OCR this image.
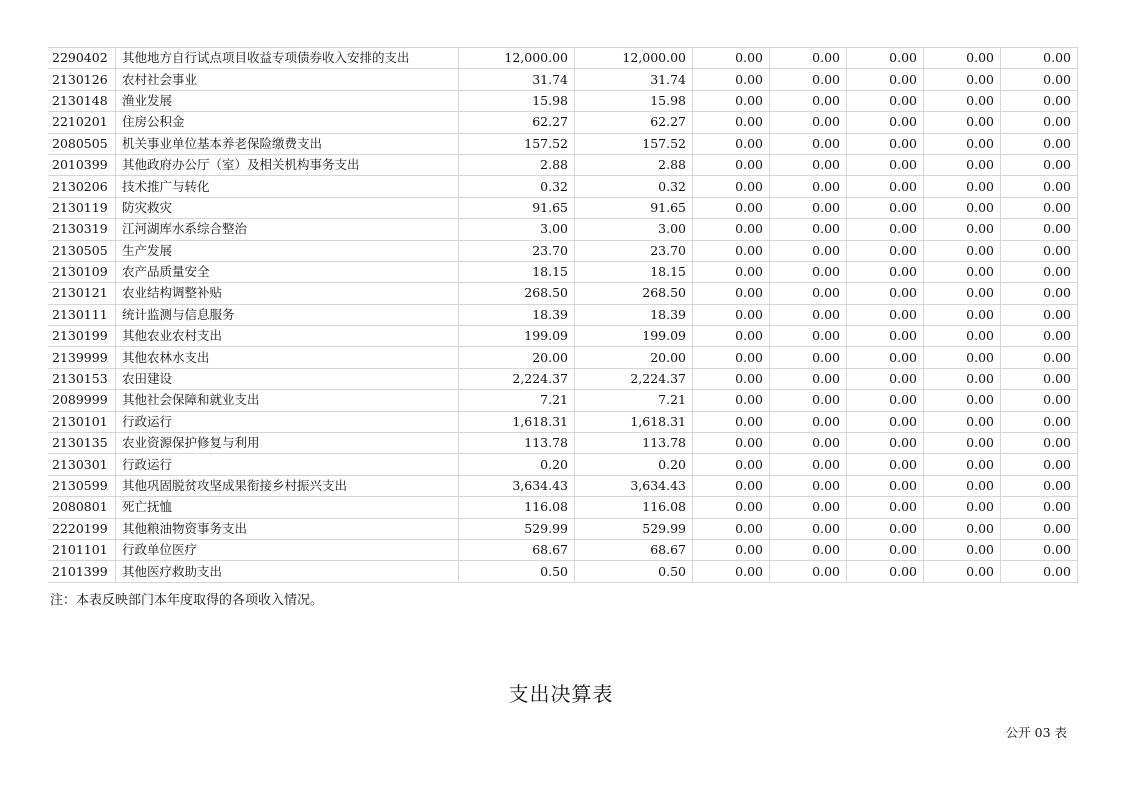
2290402	其他地方自行试点项目收益专项债券收入安排的支出	12,000.00	12,000.00	0.00	0.00	0.00	0.00	0.00
2130126	农村社会事业	31.74	31.74	0.00	0.00	0.00	0.00	0.00
2130148	渔业发展	15.98	15.98	0.00	0.00	0.00	0.00	0.00
2210201	住房公积金	62.27	62.27	0.00	0.00	0.00	0.00	0.00
2080505	机关事业单位基本养老保险缴费支出	157.52	157.52	0.00	0.00	0.00	0.00	0.00
2010399	其他政府办公厅（室）及相关机构事务支出	2.88	2.88	0.00	0.00	0.00	0.00	0.00
2130206	技术推广与转化	0.32	0.32	0.00	0.00	0.00	0.00	0.00
2130119	防灾救灾	91.65	91.65	0.00	0.00	0.00	0.00	0.00
2130319	江河湖库水系综合整治	3.00	3.00	0.00	0.00	0.00	0.00	0.00
2130505	生产发展	23.70	23.70	0.00	0.00	0.00	0.00	0.00
2130109	农产品质量安全	18.15	18.15	0.00	0.00	0.00	0.00	0.00
2130121	农业结构调整补贴	268.50	268.50	0.00	0.00	0.00	0.00	0.00
2130111	统计监测与信息服务	18.39	18.39	0.00	0.00	0.00	0.00	0.00
2130199	其他农业农村支出	199.09	199.09	0.00	0.00	0.00	0.00	0.00
2139999	其他农林水支出	20.00	20.00	0.00	0.00	0.00	0.00	0.00
2130153	农田建设	2,224.37	2,224.37	0.00	0.00	0.00	0.00	0.00
2089999	其他社会保障和就业支出	7.21	7.21	0.00	0.00	0.00	0.00	0.00
2130101	行政运行	1,618.31	1,618.31	0.00	0.00	0.00	0.00	0.00
2130135	农业资源保护修复与利用	113.78	113.78	0.00	0.00	0.00	0.00	0.00
2130301	行政运行	0.20	0.20	0.00	0.00	0.00	0.00	0.00
2130599	其他巩固脱贫攻坚成果衔接乡村振兴支出	3,634.43	3,634.43	0.00	0.00	0.00	0.00	0.00
2080801	死亡抚恤	116.08	116.08	0.00	0.00	0.00	0.00	0.00
2220199	其他粮油物资事务支出	529.99	529.99	0.00	0.00	0.00	0.00	0.00
2101101	行政单位医疗	68.67	68.67	0.00	0.00	0.00	0.00	0.00
2101399	其他医疗救助支出	0.50	0.50	0.00	0.00	0.00	0.00	0.00
注：本表反映部门本年度取得的各项收入情况。
支出决算表
公开 03 表
